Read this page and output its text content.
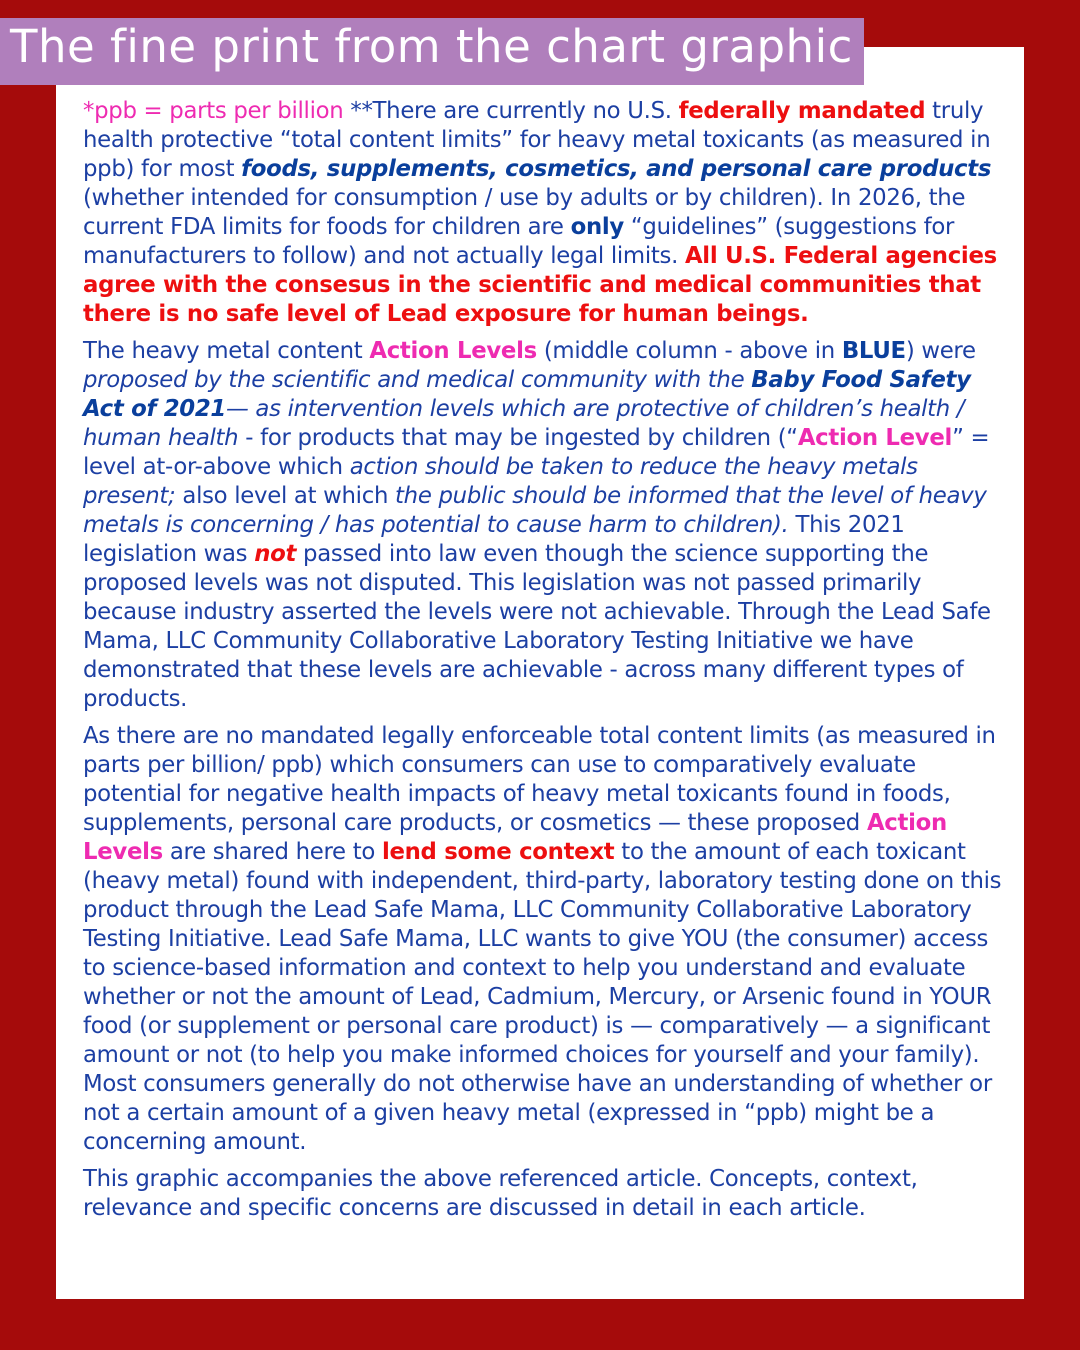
The fine print from the chart graphic

*ppb = parts per billion **There are currently no U.S. federally mandated truly health protective “total content limits” for heavy metal toxicants (as measured in ppb) for most foods, supplements, cosmetics, and personal care products (whether intended for consumption / use by adults or by children). In 2026, the current FDA limits for foods for children are only “guidelines” (suggestions for manufacturers to follow) and not actually legal limits. All U.S. Federal agencies agree with the consesus in the scientific and medical communities that there is no safe level of Lead exposure for human beings.

The heavy metal content Action Levels (middle column - above in BLUE) were proposed by the scientific and medical community with the Baby Food Safety Act of 2021— as intervention levels which are protective of children’s health / human health - for products that may be ingested by children (“Action Level” = level at-or-above which action should be taken to reduce the heavy metals present; also level at which the public should be informed that the level of heavy metals is concerning / has potential to cause harm to children). This 2021 legislation was not passed into law even though the science supporting the proposed levels was not disputed. This legislation was not passed primarily because industry asserted the levels were not achievable. Through the Lead Safe Mama, LLC Community Collaborative Laboratory Testing Initiative we have demonstrated that these levels are achievable - across many different types of products.

As there are no mandated legally enforceable total content limits (as measured in parts per billion/ ppb) which consumers can use to comparatively evaluate potential for negative health impacts of heavy metal toxicants found in foods, supplements, personal care products, or cosmetics — these proposed Action Levels are shared here to lend some context to the amount of each toxicant (heavy metal) found with independent, third-party, laboratory testing done on this product through the Lead Safe Mama, LLC Community Collaborative Laboratory Testing Initiative. Lead Safe Mama, LLC wants to give YOU (the consumer) access to science-based information and context to help you understand and evaluate whether or not the amount of Lead, Cadmium, Mercury, or Arsenic found in YOUR food (or supplement or personal care product) is — comparatively — a significant amount or not (to help you make informed choices for yourself and your family). Most consumers generally do not otherwise have an understanding of whether or not a certain amount of a given heavy metal (expressed in “ppb) might be a concerning amount.

This graphic accompanies the above referenced article. Concepts, context, relevance and specific concerns are discussed in detail in each article.
